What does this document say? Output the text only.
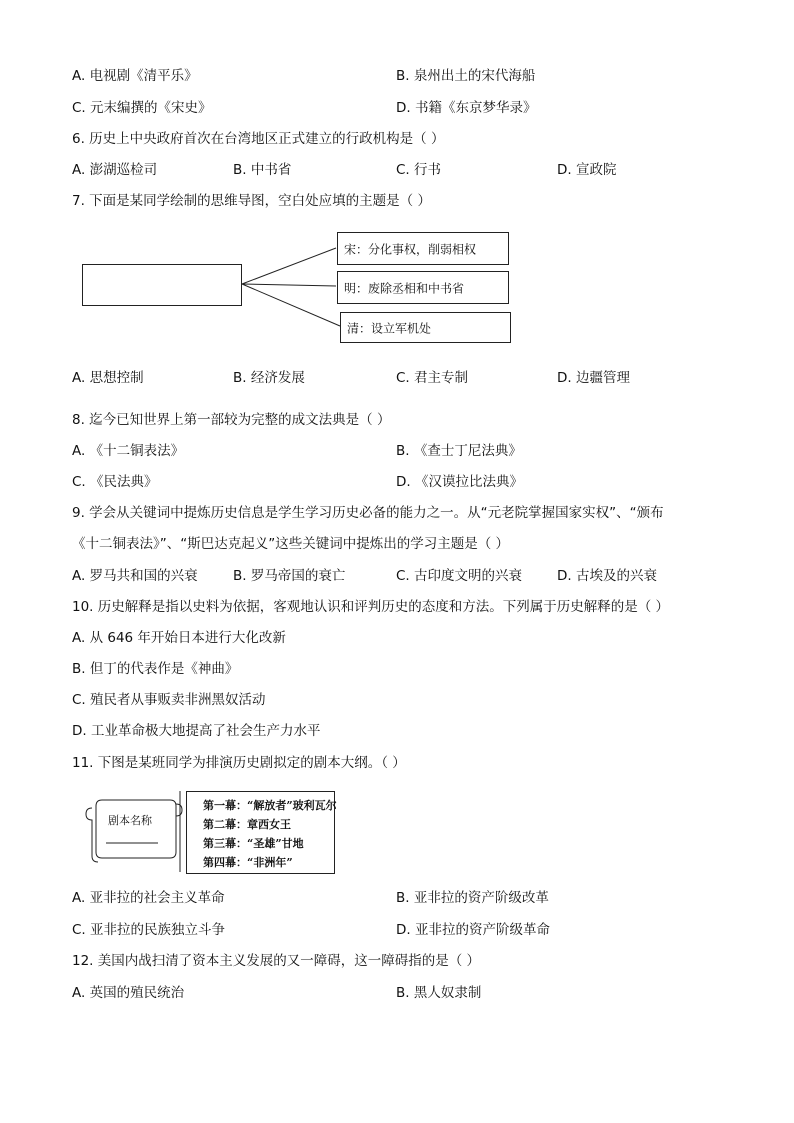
A. 电视剧《清平乐》	B. 泉州出土的宋代海船
C. 元末编撰的《宋史》	D. 书籍《东京梦华录》
6. 历史上中央政府首次在台湾地区正式建立的行政机构是（ ）
A. 澎湖巡检司	B. 中书省	C. 行书	D. 宣政院
7. 下面是某同学绘制的思维导图，空白处应填的主题是（ ）
宋：分化事权，削弱相权
明：废除丞相和中书省
清：设立军机处
A. 思想控制	B. 经济发展	C. 君主专制	D. 边疆管理
8. 迄今已知世界上第一部较为完整的成文法典是（ ）
A. 《十二铜表法》	B. 《查士丁尼法典》
C. 《民法典》	D. 《汉谟拉比法典》
9. 学会从关键词中提炼历史信息是学生学习历史必备的能力之一。从“元老院掌握国家实权”、“颁布
《十二铜表法》”、“斯巴达克起义”这些关键词中提炼出的学习主题是（ ）
A. 罗马共和国的兴衰	B. 罗马帝国的衰亡	C. 古印度文明的兴衰	D. 古埃及的兴衰
10. 历史解释是指以史料为依据，客观地认识和评判历史的态度和方法。下列属于历史解释的是（ ）
A. 从 646 年开始日本进行大化改新
B. 但丁的代表作是《神曲》
C. 殖民者从事贩卖非洲黑奴活动
D. 工业革命极大地提高了社会生产力水平
11. 下图是某班同学为排演历史剧拟定的剧本大纲。（ ）
剧本名称
第一幕：“解放者”玻利瓦尔
第二幕：章西女王
第三幕：“圣雄”甘地
第四幕：“非洲年”
A. 亚非拉的社会主义革命	B. 亚非拉的资产阶级改革
C. 亚非拉的民族独立斗争	D. 亚非拉的资产阶级革命
12. 美国内战扫清了资本主义发展的又一障碍，这一障碍指的是（ ）
A. 英国的殖民统治	B. 黑人奴隶制
